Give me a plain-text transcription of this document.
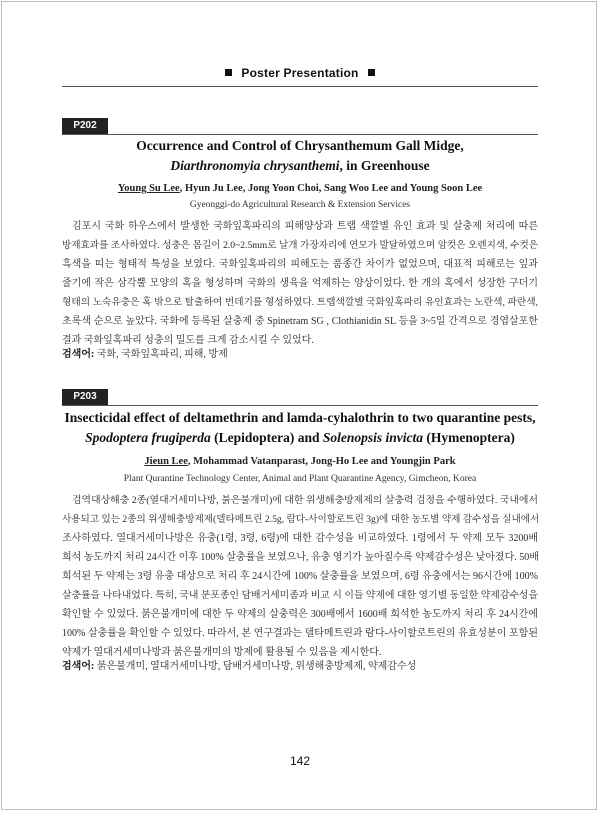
Poster Presentation
P202
Occurrence and Control of Chrysanthemum Gall Midge,
Diarthronomyia chrysanthemi, in Greenhouse
Young Su Lee, Hyun Ju Lee, Jong Yoon Choi, Sang Woo Lee and Young Soon Lee
Gyeonggi-do Agricultural Research & Extension Services
김포시 국화 하우스에서 발생한 국화잎혹파리의 피해양상과 트랩 색깔별 유인 효과 및 살충제 처리에 따른
방제효과를 조사하였다. 성충은 몸길이 2.0~2.5mm로 날개 가장자리에 연모가 발달하였으며 암컷은 오렌지색, 수컷은
흑색을 띠는 형태적 특성을 보였다. 국화잎혹파리의 피해도는 품종간 차이가 없었으며, 대표적 피해로는 잎과
줄기에 작은 삼각뿔 모양의 혹을 형성하며 국화의 생육을 억제하는 양상이었다. 한 개의 혹에서 성장한 구더기
형태의 노숙유충은 혹 밖으로 탈출하여 번데기를 형성하였다. 트랩색깔별 국화잎혹파리 유인효과는 노란색, 파란색,
초록색 순으로 높았다. 국화에 등록된 살충제 중 Spinetram SG , Clothianidin SL 등을 3~5일 간격으로 경엽살포한
결과 국화잎혹파리 성충의 밀도를 크게 감소시킬 수 있었다.
검색어: 국화, 국화잎혹파리, 피해, 방제
P203
Insecticidal effect of deltamethrin and lamda-cyhalothrin to two quarantine pests,
Spodoptera frugiperda (Lepidoptera) and Solenopsis invicta (Hymenoptera)
Jieun Lee, Mohammad Vatanparast, Jong-Ho Lee and Youngjin Park
Plant Qurantine Technology Center, Animal and Plant Quarantine Agency, Gimcheon, Korea
검역대상해충 2종(열대거세미나방, 붉은불개미)에 대한 위생해충방제제의 살충력 검정을 수행하였다. 국내에서
사용되고 있는 2종의 위생해충방제제(델타메트린 2.5g, 람다-사이할로트린 3g)에 대한 농도별 약제 감수성을 실내에서
조사하였다. 열대거세미나방은 유충(1령, 3령, 6령)에 대한 감수성을 비교하였다. 1령에서 두 약제 모두 3200배
희석 농도까지 처리 24시간 이후 100% 살충률을 보였으나, 유충 영기가 높아질수록 약제감수성은 낮아졌다. 50배
희석된 두 약제는 3령 유충 대상으로 처리 후 24시간에 100% 살충률을 보였으며, 6령 유충에서는 96시간에 100%
살충률을 나타내었다. 특히, 국내 분포종인 담배거세미좀과 비교 시 이들 약제에 대한 영기별 동일한 약제감수성을
확인할 수 있었다. 붉은불개미에 대한 두 약제의 살충력은 300배에서 1600배 희석한 농도까지 처리 후 24시간에
100% 살충률을 확인할 수 있었다. 따라서, 본 연구결과는 델타메트린과 람다-사이할로트린의 유효성분이 포함된
약제가 열대거세미나방과 붉은불개미의 방제에 활용될 수 있음을 제시한다.
검색어: 붉은불개미, 열대거세미나방, 담배거세미나방, 위생해충방제제, 약제감수성
142
